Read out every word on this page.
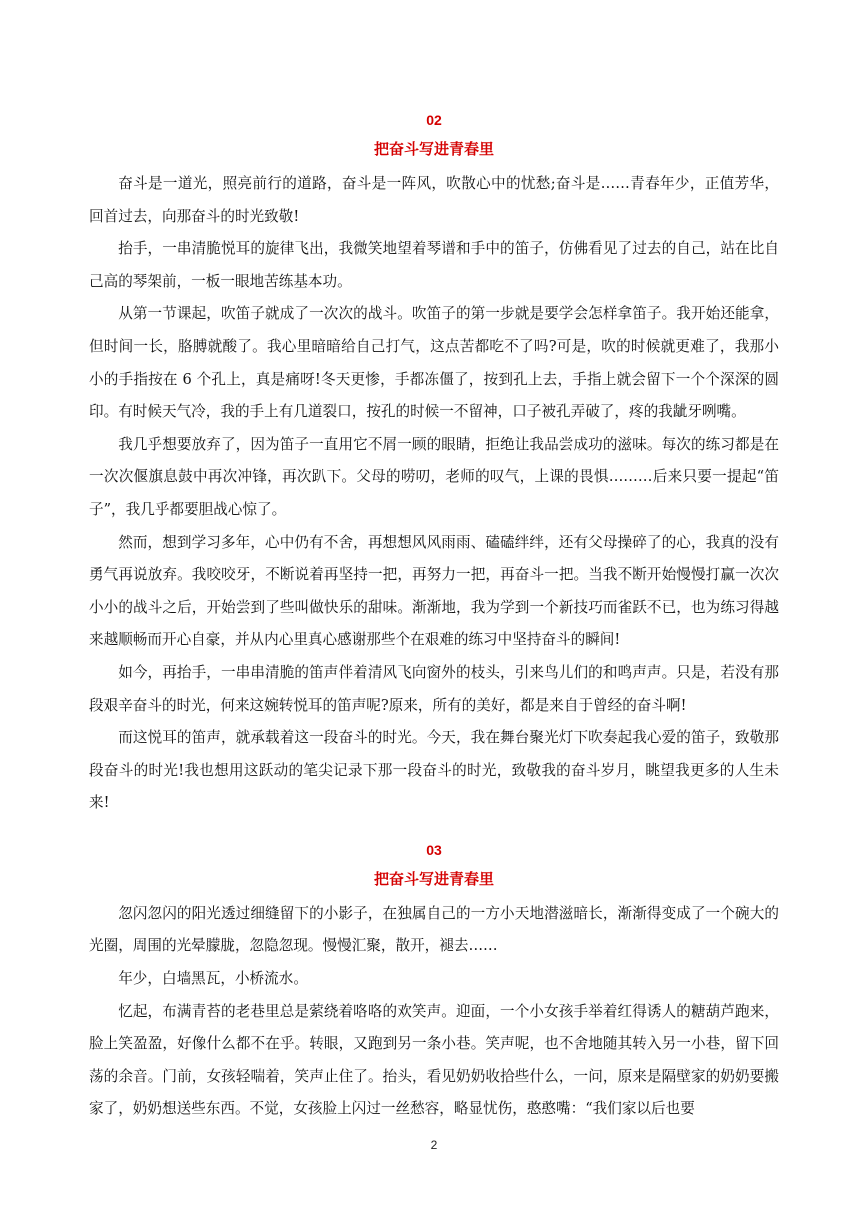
02
把奋斗写进青春里

奋斗是一道光，照亮前行的道路，奋斗是一阵风，吹散心中的忧愁;奋斗是……青春年少，正值芳华，回首过去，向那奋斗的时光致敬!

抬手，一串清脆悦耳的旋律飞出，我微笑地望着琴谱和手中的笛子，仿佛看见了过去的自己，站在比自己高的琴架前，一板一眼地苦练基本功。

从第一节课起，吹笛子就成了一次次的战斗。吹笛子的第一步就是要学会怎样拿笛子。我开始还能拿，但时间一长，胳膊就酸了。我心里暗暗给自己打气，这点苦都吃不了吗?可是，吹的时候就更难了，我那小小的手指按在 6 个孔上，真是痛呀!冬天更惨，手都冻僵了，按到孔上去，手指上就会留下一个个深深的圆印。有时候天气冷，我的手上有几道裂口，按孔的时候一不留神，口子被孔弄破了，疼的我龇牙咧嘴。

我几乎想要放弃了，因为笛子一直用它不屑一顾的眼睛，拒绝让我品尝成功的滋味。每次的练习都是在一次次偃旗息鼓中再次冲锋，再次趴下。父母的唠叨，老师的叹气，上课的畏惧………后来只要一提起“笛子”，我几乎都要胆战心惊了。

然而，想到学习多年，心中仍有不舍，再想想风风雨雨、磕磕绊绊，还有父母操碎了的心，我真的没有勇气再说放弃。我咬咬牙，不断说着再坚持一把，再努力一把，再奋斗一把。当我不断开始慢慢打赢一次次小小的战斗之后，开始尝到了些叫做快乐的甜味。渐渐地，我为学到一个新技巧而雀跃不已，也为练习得越来越顺畅而开心自豪，并从内心里真心感谢那些个在艰难的练习中坚持奋斗的瞬间!

如今，再抬手，一串串清脆的笛声伴着清风飞向窗外的枝头，引来鸟儿们的和鸣声声。只是，若没有那段艰辛奋斗的时光，何来这婉转悦耳的笛声呢?原来，所有的美好，都是来自于曾经的奋斗啊!

而这悦耳的笛声，就承载着这一段奋斗的时光。今天，我在舞台聚光灯下吹奏起我心爱的笛子，致敬那段奋斗的时光!我也想用这跃动的笔尖记录下那一段奋斗的时光，致敬我的奋斗岁月，眺望我更多的人生未来!

03
把奋斗写进青春里

忽闪忽闪的阳光透过细缝留下的小影子，在独属自己的一方小天地潜滋暗长，渐渐得变成了一个碗大的光圈，周围的光晕朦胧，忽隐忽现。慢慢汇聚，散开，褪去……

年少，白墙黑瓦，小桥流水。

忆起，布满青苔的老巷里总是萦绕着咯咯的欢笑声。迎面，一个小女孩手举着红得诱人的糖葫芦跑来，脸上笑盈盈，好像什么都不在乎。转眼，又跑到另一条小巷。笑声呢，也不舍地随其转入另一小巷，留下回荡的余音。门前，女孩轻喘着，笑声止住了。抬头，看见奶奶收拾些什么，一问，原来是隔壁家的奶奶要搬家了，奶奶想送些东西。不觉，女孩脸上闪过一丝愁容，略显忧伤，憨憨嘴：“我们家以后也要

2
